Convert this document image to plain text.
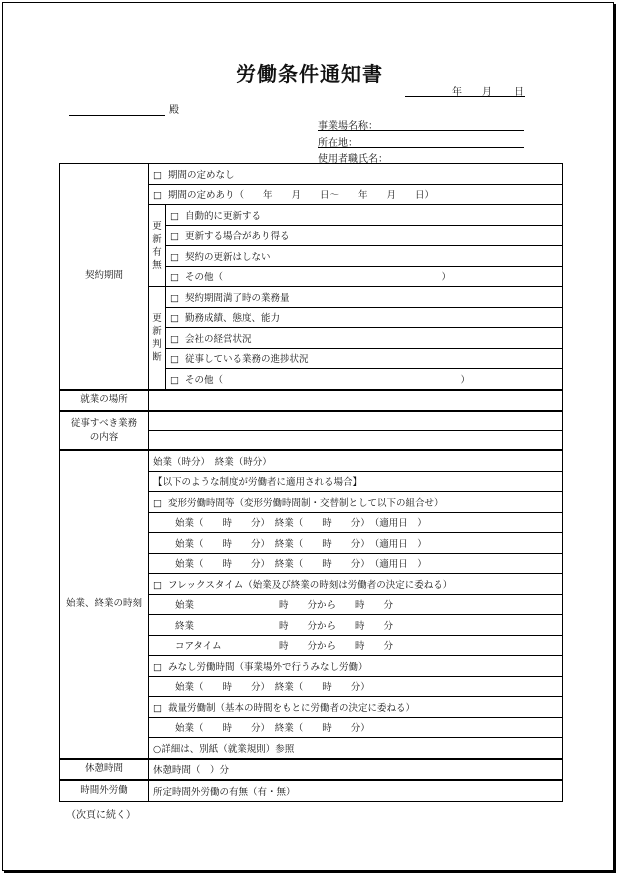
労働条件通知書
年 月 日
殿
事業場名称：
所在地：
使用者職氏名：
契約期間	□ 期間の定めなし	
	□ 期間の定めあり（　　年　　月　　日～　　年　　月　　日）	

	更新有無	□ 自動的に更新する
		□ 更新する場合があり得る
		□ 契約の更新はしない
		□ その他（　　　　　　　　　　　　　　　　　　　　　　　）

	更新判断	□ 契約期間満了時の業務量
		□ 勤務成績、態度、能力
		□ 会社の経営状況
		□ 従事している業務の進捗状況
		□ その他（　　　　　　　　　　　　　　　　　　　　　　　　　）
就業の場所		
従事すべき業務の内容		

始業、終業の時刻	始業（時分）　終業（時分）	
	【以下のような制度が労働者に適用される場合】	
	□ 変形労働時間等（変形労働時間制・交替制として以下の組合せ）	
	始業（　　時　　分）　終業（　　時　　分）　（適用日　）	
	始業（　　時　　分）　終業（　　時　　分）　（適用日　）	
	始業（　　時　　分）　終業（　　時　　分）　（適用日　）	
	□ フレックスタイム（始業及び終業の時刻は労働者の決定に委ねる）	
	始業 時　　分から　　時　　分	
	終業 時　　分から　　時　　分	
	コアタイム 時　　分から　　時　　分	
	□ みなし労働時間（事業場外で行うみなし労働）	
	始業（　　時　　分）　終業（　　時　　分）	
	□ 裁量労働制（基本の時間をもとに労働者の決定に委ねる）	
	始業（　　時　　分）　終業（　　時　　分）	
	○詳細は、別紙（就業規則）参照	
休憩時間	休憩時間（　）分	
時間外労働	所定時間外労働の有無（有・無）	
（次頁に続く）
